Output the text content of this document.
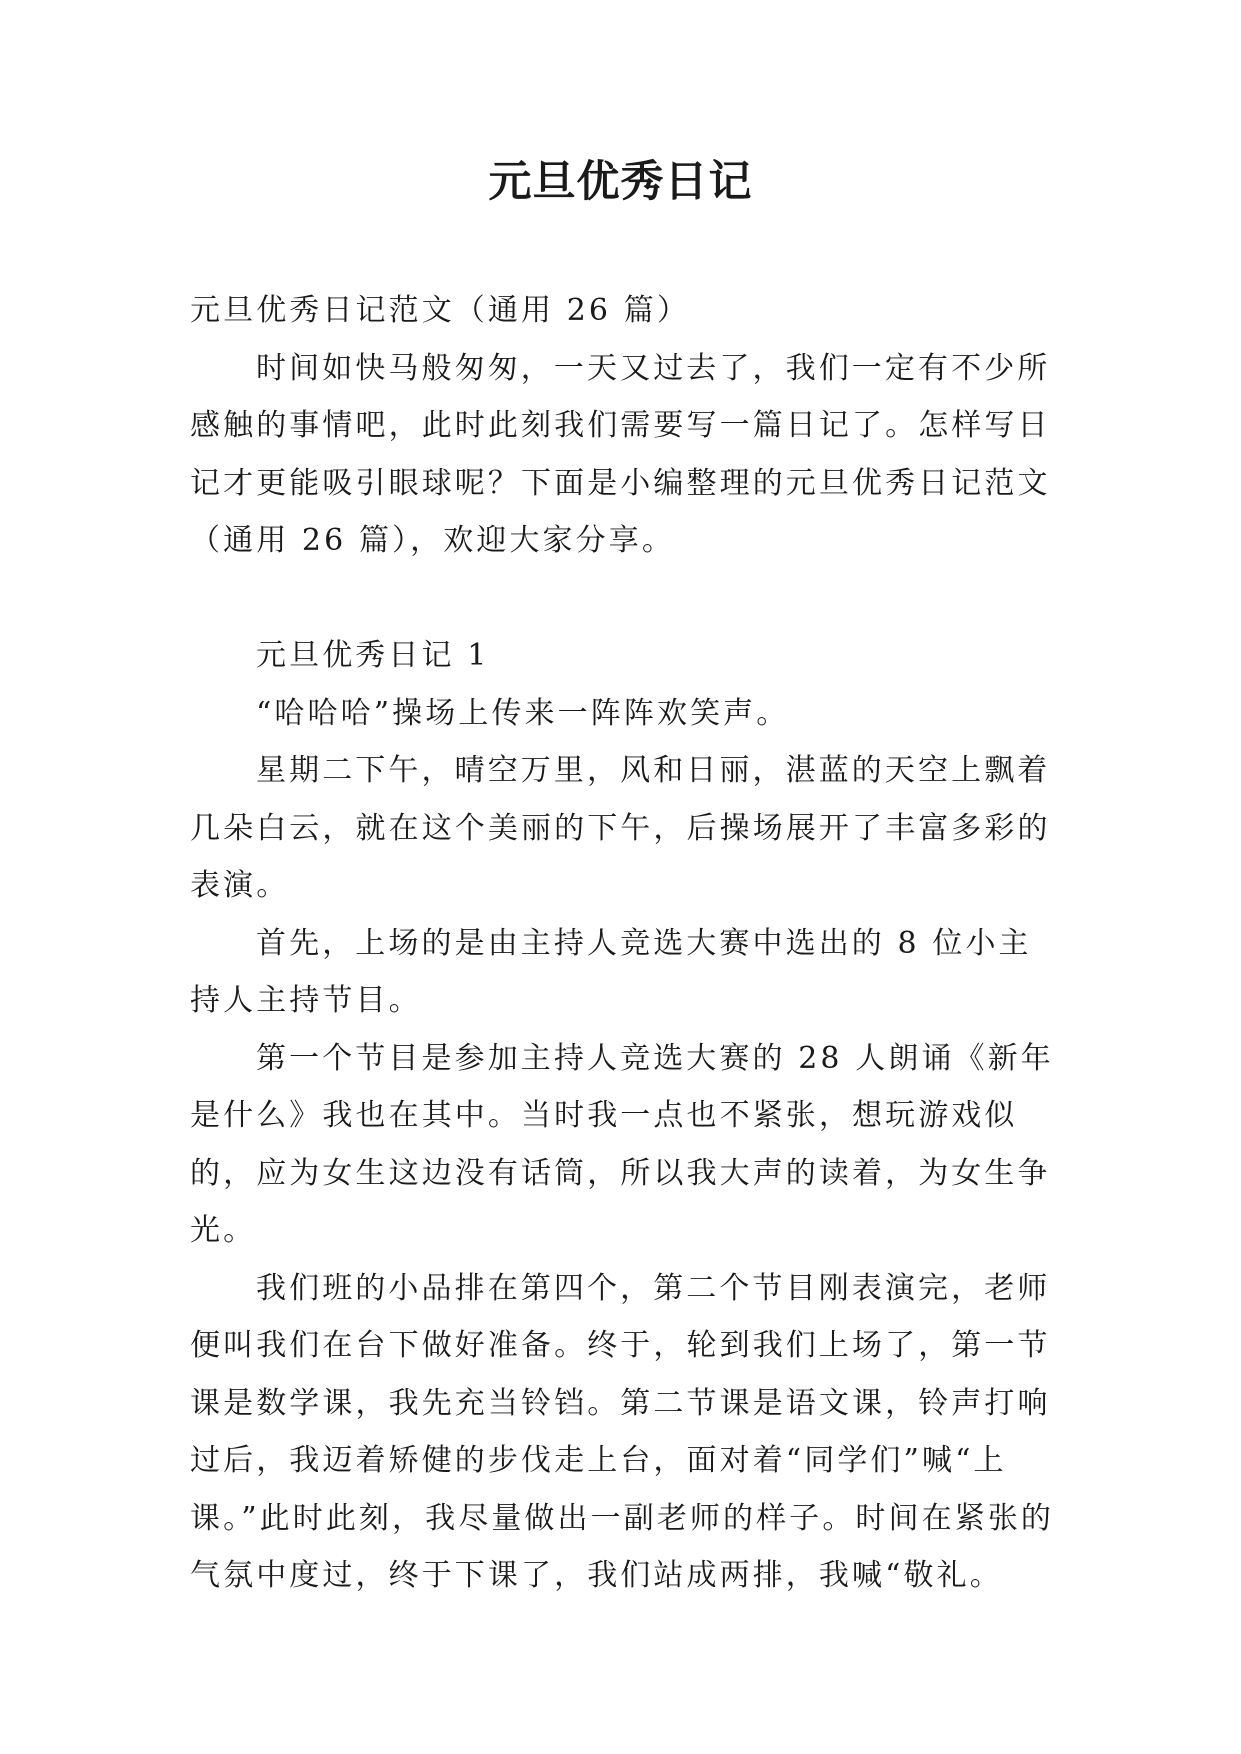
元旦优秀日记

元旦优秀日记范文（通用 26 篇）

时间如快马般匆匆，一天又过去了，我们一定有不少所感触的事情吧，此时此刻我们需要写一篇日记了。怎样写日记才更能吸引眼球呢？下面是小编整理的元旦优秀日记范文（通用 26 篇），欢迎大家分享。

元旦优秀日记 1

“哈哈哈”操场上传来一阵阵欢笑声。

星期二下午，晴空万里，风和日丽，湛蓝的天空上飘着几朵白云，就在这个美丽的下午，后操场展开了丰富多彩的表演。

首先，上场的是由主持人竞选大赛中选出的 8 位小主持人主持节目。

第一个节目是参加主持人竞选大赛的 28 人朗诵《新年是什么》我也在其中。当时我一点也不紧张，想玩游戏似的，应为女生这边没有话筒，所以我大声的读着，为女生争光。

我们班的小品排在第四个，第二个节目刚表演完，老师便叫我们在台下做好准备。终于，轮到我们上场了，第一节课是数学课，我先充当铃铛。第二节课是语文课，铃声打响过后，我迈着矫健的步伐走上台，面对着“同学们”喊“上课。”此时此刻，我尽量做出一副老师的样子。时间在紧张的气氛中度过，终于下课了，我们站成两排，我喊“敬礼。
